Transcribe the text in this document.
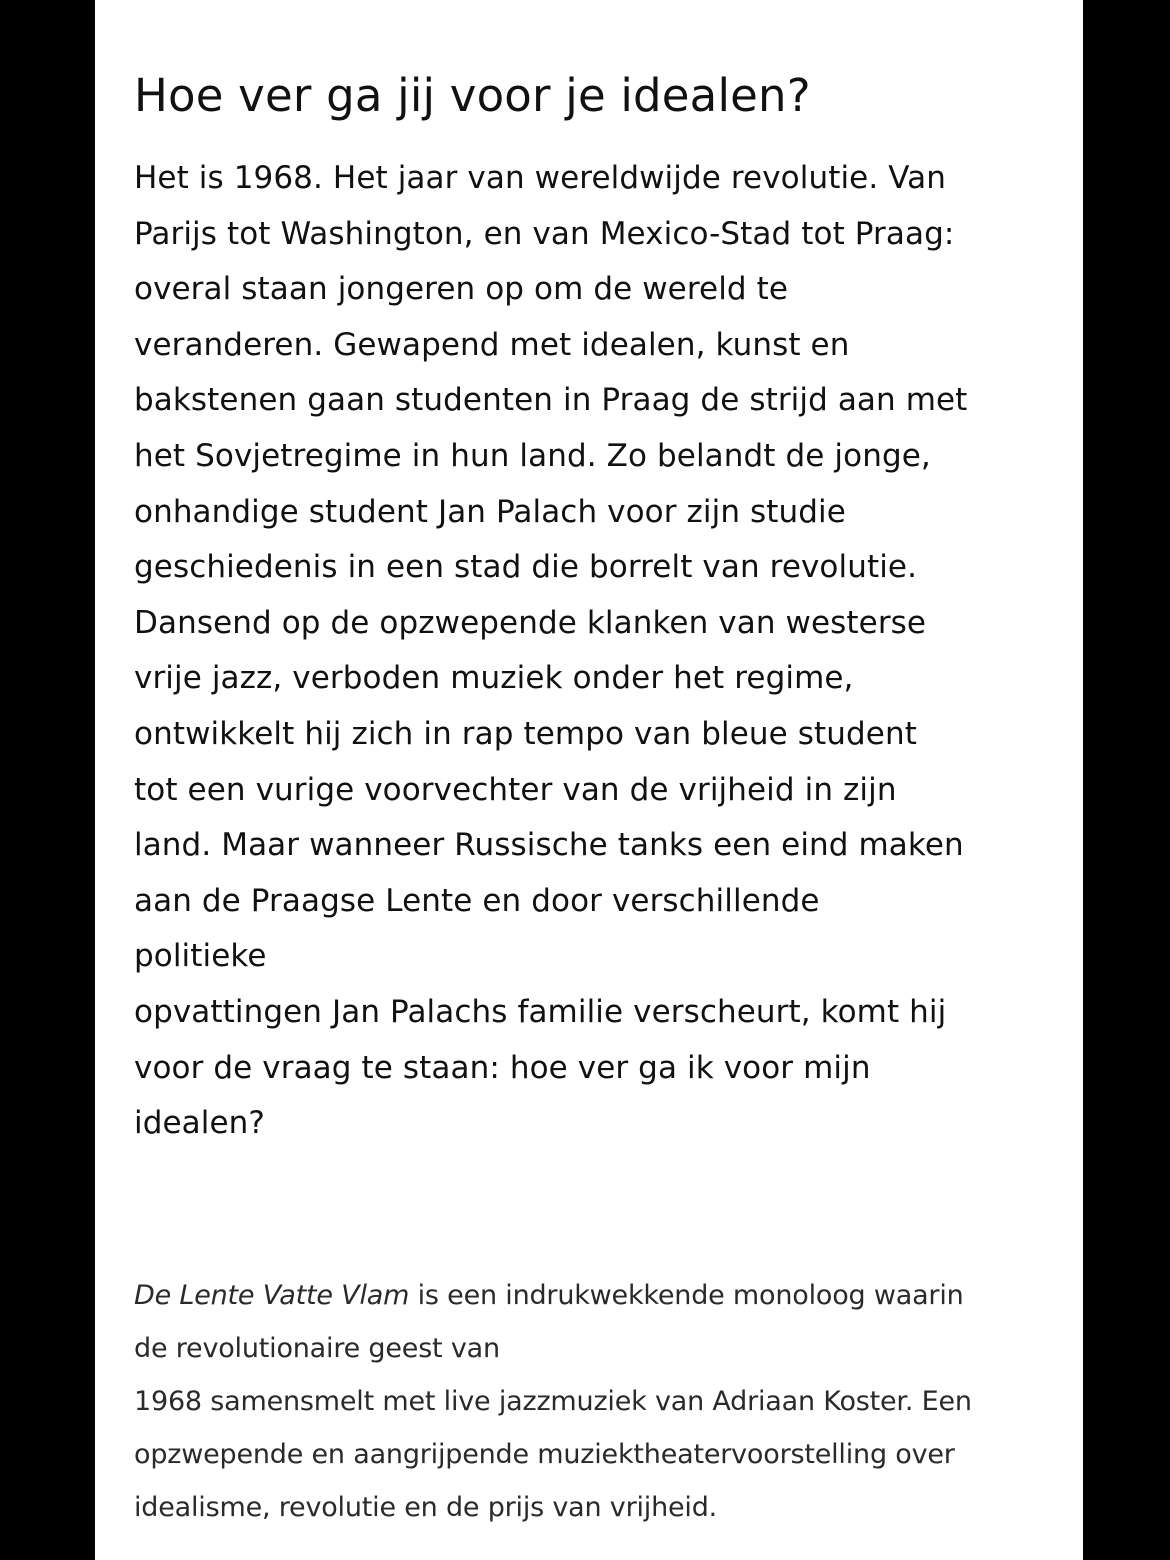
Hoe ver ga jij voor je idealen?

Het is 1968. Het jaar van wereldwijde revolutie. Van
Parijs tot Washington, en van Mexico-Stad tot Praag:
overal staan jongeren op om de wereld te
veranderen. Gewapend met idealen, kunst en
bakstenen gaan studenten in Praag de strijd aan met
het Sovjetregime in hun land. Zo belandt de jonge,
onhandige student Jan Palach voor zijn studie
geschiedenis in een stad die borrelt van revolutie.
Dansend op de opzwepende klanken van westerse
vrije jazz, verboden muziek onder het regime,
ontwikkelt hij zich in rap tempo van bleue student
tot een vurige voorvechter van de vrijheid in zijn
land. Maar wanneer Russische tanks een eind maken
aan de Praagse Lente en door verschillende
politieke
opvattingen Jan Palachs familie verscheurt, komt hij
voor de vraag te staan: hoe ver ga ik voor mijn
idealen?

De Lente Vatte Vlam is een indrukwekkende monoloog waarin
de revolutionaire geest van
1968 samensmelt met live jazzmuziek van Adriaan Koster. Een
opzwepende en aangrijpende muziektheatervoorstelling over
idealisme, revolutie en de prijs van vrijheid.
